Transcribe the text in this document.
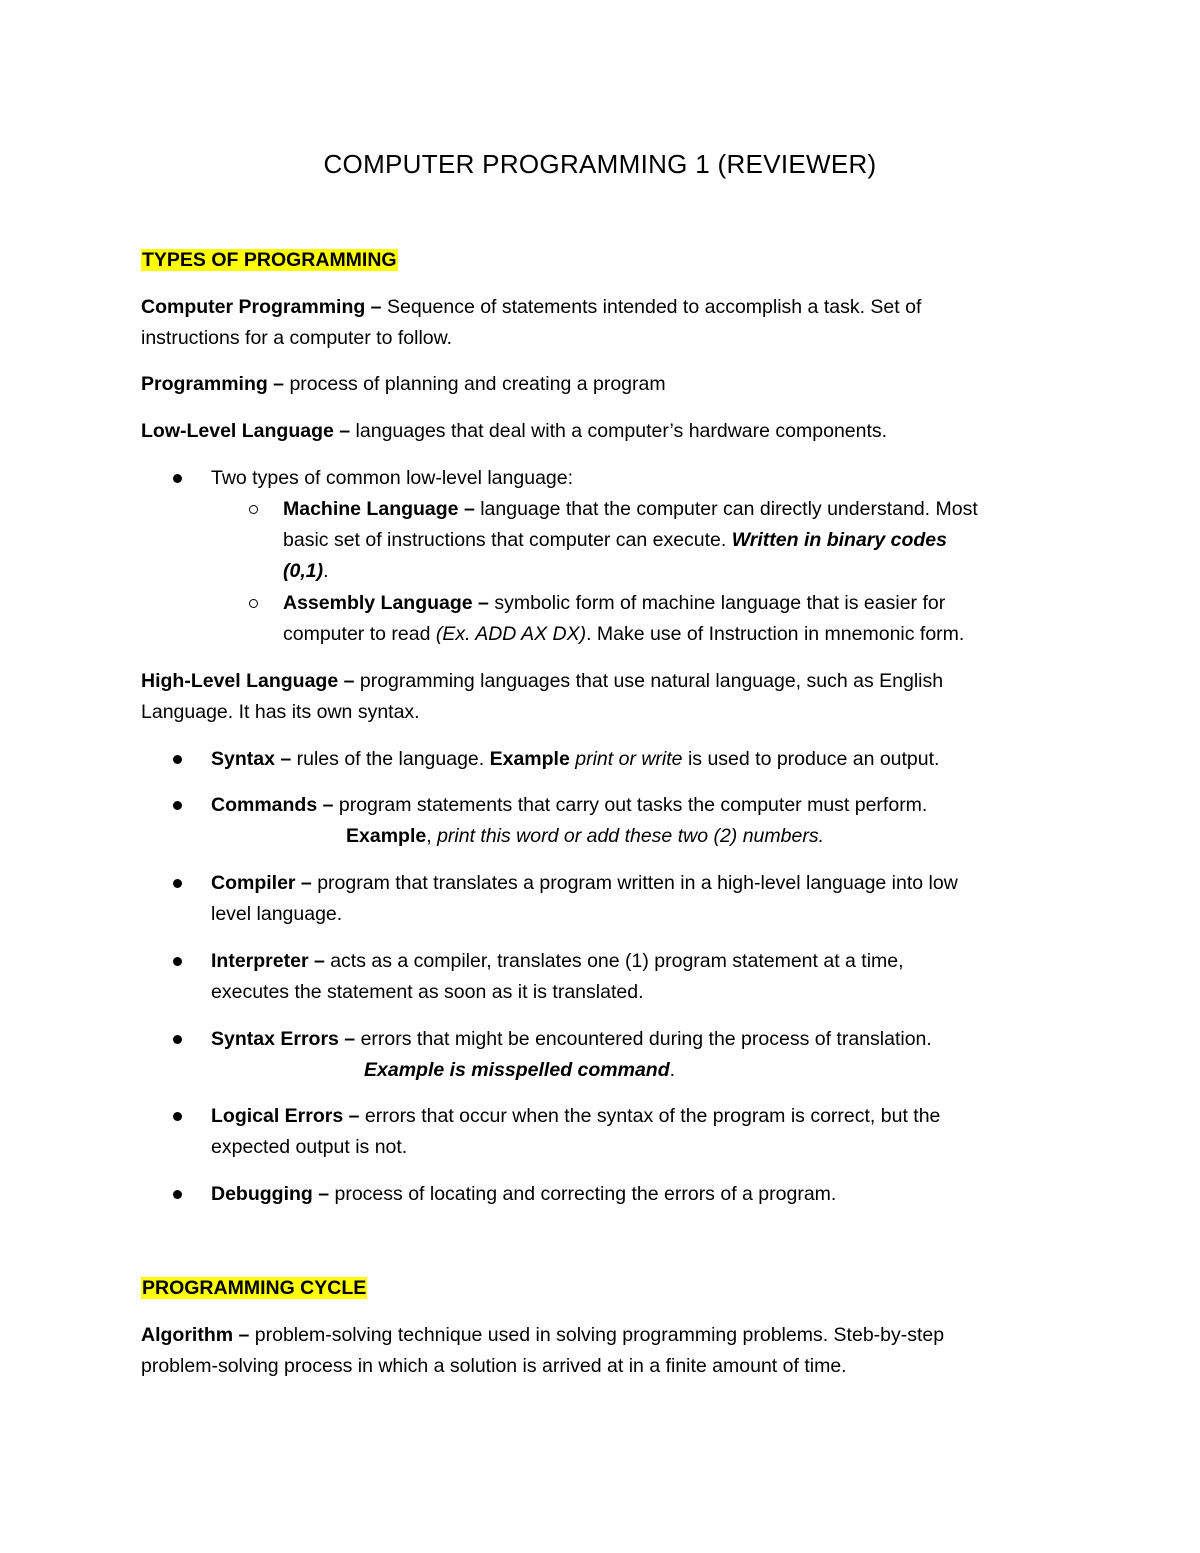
COMPUTER PROGRAMMING 1 (REVIEWER)
TYPES OF PROGRAMMING
Computer Programming – Sequence of statements intended to accomplish a task. Set of
instructions for a computer to follow.
Programming – process of planning and creating a program
Low-Level Language – languages that deal with a computer’s hardware components.
Two types of common low-level language:
Machine Language – language that the computer can directly understand. Most
basic set of instructions that computer can execute. Written in binary codes
(0,1).
Assembly Language – symbolic form of machine language that is easier for
computer to read (Ex. ADD AX DX). Make use of Instruction in mnemonic form.
High-Level Language – programming languages that use natural language, such as English
Language. It has its own syntax.
Syntax – rules of the language. Example print or write is used to produce an output.
Commands – program statements that carry out tasks the computer must perform.
Example, print this word or add these two (2) numbers.
Compiler – program that translates a program written in a high-level language into low
level language.
Interpreter – acts as a compiler, translates one (1) program statement at a time,
executes the statement as soon as it is translated.
Syntax Errors – errors that might be encountered during the process of translation.
Example is misspelled command.
Logical Errors – errors that occur when the syntax of the program is correct, but the
expected output is not.
Debugging – process of locating and correcting the errors of a program.
PROGRAMMING CYCLE
Algorithm – problem-solving technique used in solving programming problems. Steb-by-step
problem-solving process in which a solution is arrived at in a finite amount of time.
